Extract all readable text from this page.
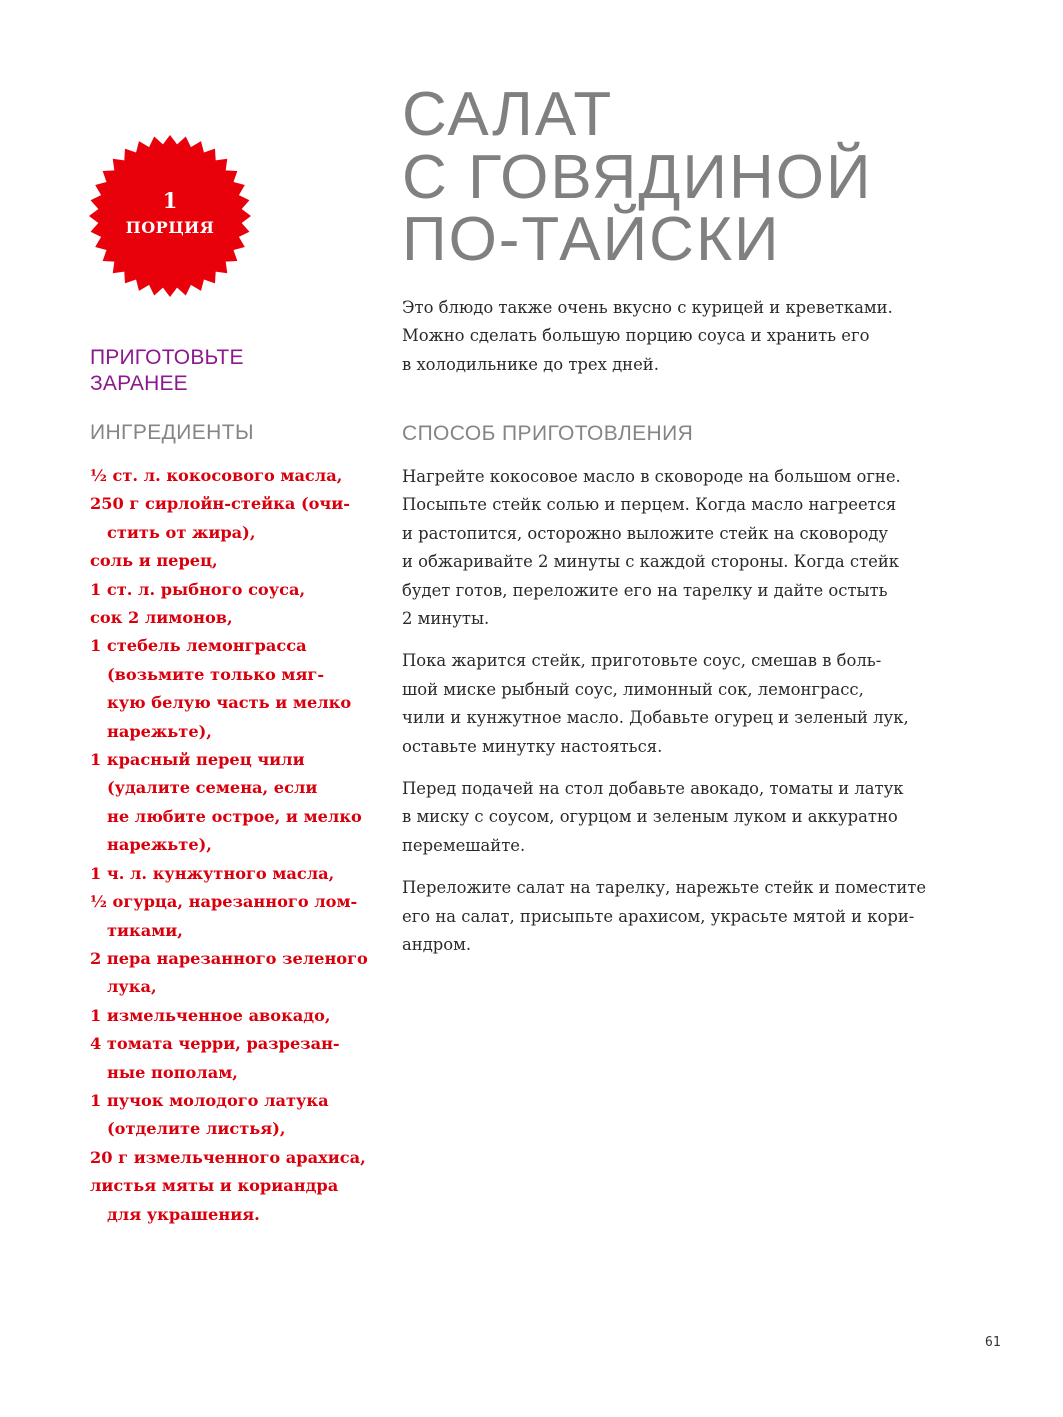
1
ПОРЦИЯ
ПРИГОТОВЬТЕ
ЗАРАНЕЕ
ИНГРЕДИЕНТЫ
½ ст. л. кокосового масла,
250 г сирлойн-стейка (очи-
стить от жира),
соль и перец,
1 ст. л. рыбного соуса,
сок 2 лимонов,
1 стебель лемонграсса
(возьмите только мяг-
кую белую часть и мелко
нарежьте),
1 красный перец чили
(удалите семена, если
не любите острое, и мелко
нарежьте),
1 ч. л. кунжутного масла,
½ огурца, нарезанного лом-
тиками,
2 пера нарезанного зеленого
лука,
1 измельченное авокадо,
4 томата черри, разрезан-
ные пополам,
1 пучок молодого латука
(отделите листья),
20 г измельченного арахиса,
листья мяты и кориандра
для украшения.
САЛАТ
С ГОВЯДИНОЙ
ПО-ТАЙСКИ
Это блюдо также очень вкусно с курицей и креветками.
Можно сделать большую порцию соуса и хранить его
в холодильнике до трех дней.
СПОСОБ ПРИГОТОВЛЕНИЯ
Нагрейте кокосовое масло в сковороде на большом огне.
Посыпьте стейк солью и перцем. Когда масло нагреется
и растопится, осторожно выложите стейк на сковороду
и обжаривайте 2 минуты с каждой стороны. Когда стейк
будет готов, переложите его на тарелку и дайте остыть
2 минуты.
Пока жарится стейк, приготовьте соус, смешав в боль-
шой миске рыбный соус, лимонный сок, лемонграсс,
чили и кунжутное масло. Добавьте огурец и зеленый лук,
оставьте минутку настояться.
Перед подачей на стол добавьте авокадо, томаты и латук
в миску с соусом, огурцом и зеленым луком и аккуратно
перемешайте.
Переложите салат на тарелку, нарежьте стейк и поместите
его на салат, присыпьте арахисом, украсьте мятой и кори-
андром.
61
